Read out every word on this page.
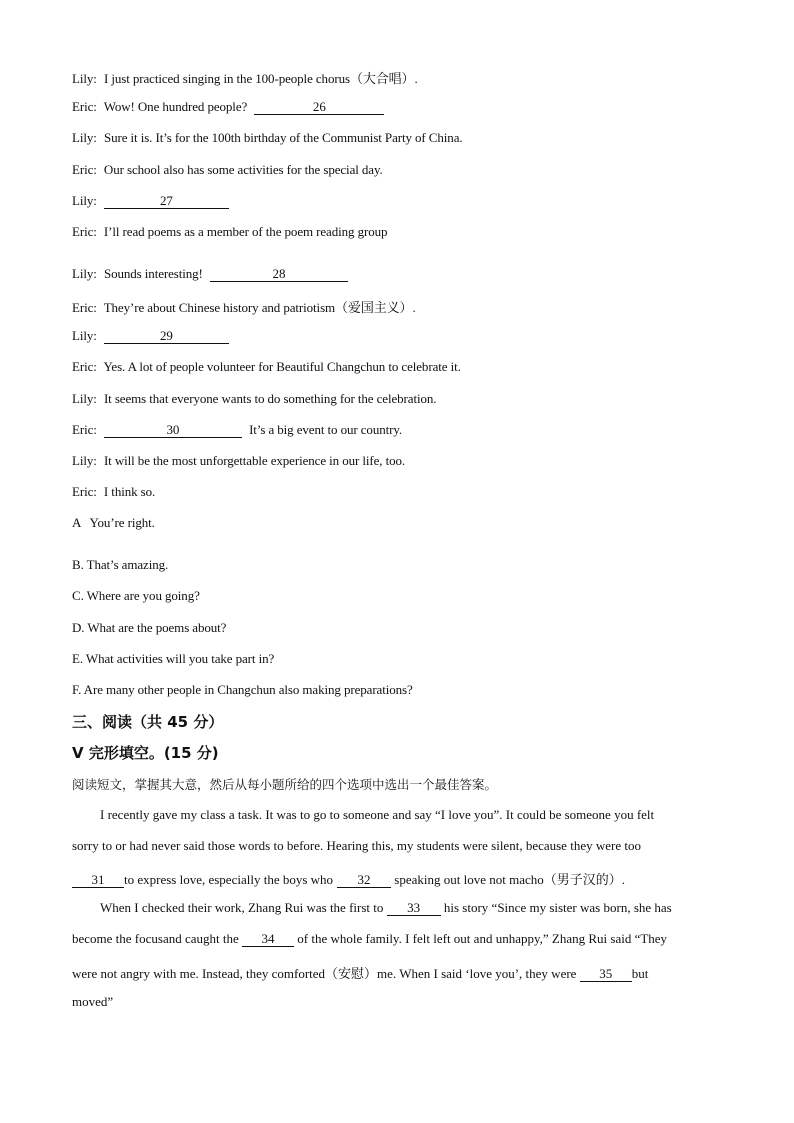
Lily: I just practiced singing in the 100-people chorus（大合唱）.
Eric: Wow! One hundred people?	26
Lily: Sure it is. It’s for the 100th birthday of the Communist Party of China.
Eric: Our school also has some activities for the special day.
Lily:	27
Eric: I’ll read poems as a member of the poem reading group
Lily: Sounds interesting!	28
Eric: They’re about Chinese history and patriotism（爱国主义）.
Lily:	29
Eric: Yes. A lot of people volunteer for Beautiful Changchun to celebrate it.
Lily: It seems that everyone wants to do something for the celebration.
Eric:	30	It’s a big event to our country.
Lily: It will be the most unforgettable experience in our life, too.
Eric: I think so.
A   You’re right.
B. That’s amazing.
C. Where are you going?
D. What are the poems about?
E. What activities will you take part in?
F. Are many other people in Changchun also making preparations?
三、阅读（共 45 分）
V 完形填空。(15 分)
阅读短文，掌握其大意，然后从每小题所给的四个选项中选出一个最佳答案。
I recently gave my class a task. It was to go to someone and say “I love you”. It could be someone you felt
sorry to or had never said those words to before. Hearing this, my students were silent, because they were too
31 to express love, especially the boys who 32 speaking out love not macho（男子汉的）.
When I checked their work, Zhang Rui was the first to 33 his story “Since my sister was born, she has
become the focusand caught the 34 of the whole family. I felt left out and unhappy,” Zhang Rui said “They
were not angry with me. Instead, they comforted（安慰）me. When I said ‘love you’, they were 35 but
moved”
